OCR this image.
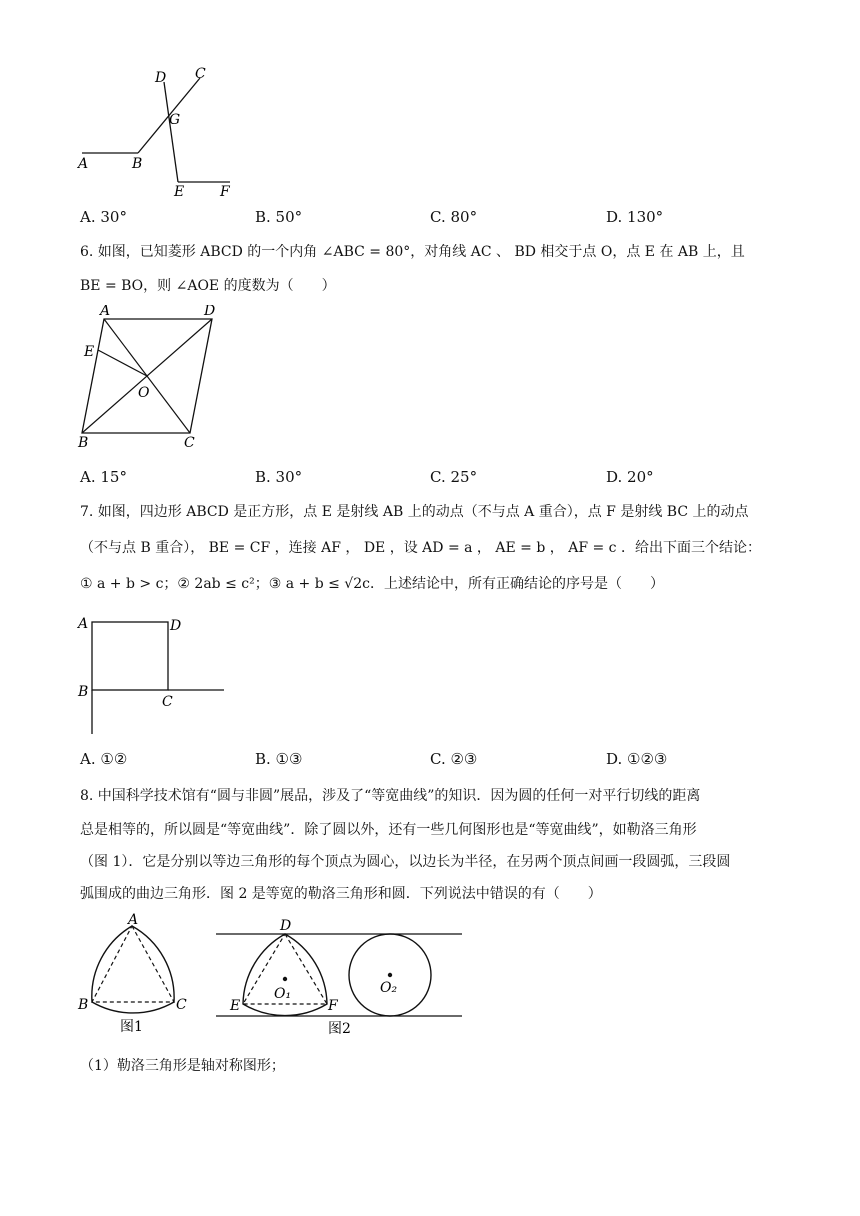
A	B
C
D
G
E	F
A. 30°	B. 50°	C. 80°	D. 130°
6. 如图，已知菱形 ABCD 的一个内角 ∠ABC = 80°，对角线 AC 、 BD 相交于点 O，点 E 在 AB 上，且
BE = BO，则 ∠AOE 的度数为（　　）
A	D
E
O
B	C
A. 15°	B. 30°	C. 25°	D. 20°
7. 如图，四边形 ABCD 是正方形，点 E 是射线 AB 上的动点（不与点 A 重合），点 F 是射线 BC 上的动点
（不与点 B 重合）， BE = CF ，连接 AF ， DE ，设 AD = a ， AE = b ， AF = c ．给出下面三个结论：
① a + b > c；② 2ab ≤ c²；③ a + b ≤ √2c．上述结论中，所有正确结论的序号是（　　）
A	D
B
C
A. ①②	B. ①③	C. ②③	D. ①②③
8. 中国科学技术馆有“圆与非圆”展品，涉及了“等宽曲线”的知识．因为圆的任何一对平行切线的距离
总是相等的，所以圆是“等宽曲线”．除了圆以外，还有一些几何图形也是“等宽曲线”，如勒洛三角形
（图 1）．它是分别以等边三角形的每个顶点为圆心，以边长为半径，在另两个顶点间画一段圆弧，三段圆
弧围成的曲边三角形．图 2 是等宽的勒洛三角形和圆．下列说法中错误的有（　　）
A
B	C
图1
D
E	F
O₁	O₂
图2
（1）勒洛三角形是轴对称图形；
